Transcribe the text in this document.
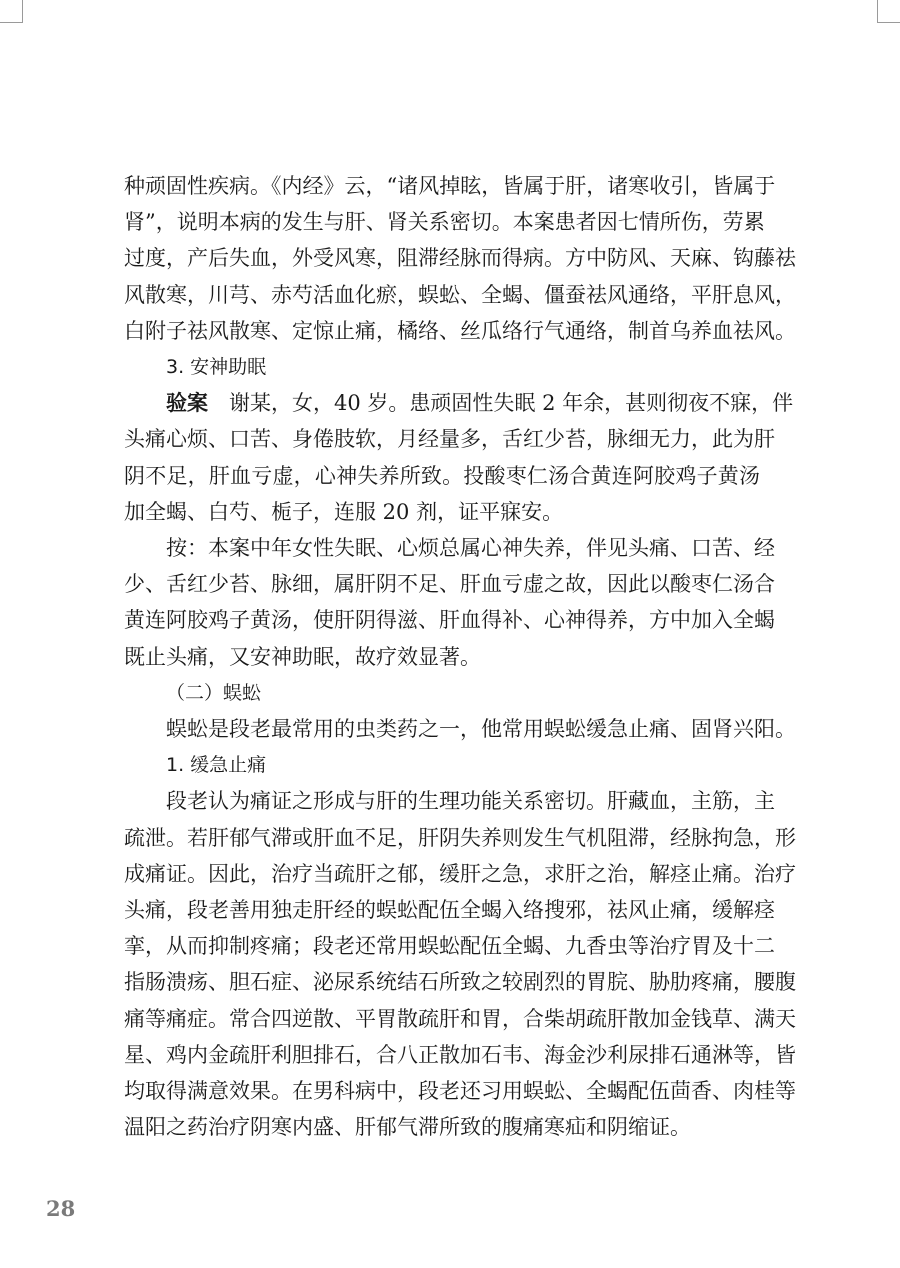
种顽固性疾病。《内经》云，“诸风掉眩，皆属于肝，诸寒收引，皆属于
肾”，说明本病的发生与肝、肾关系密切。本案患者因七情所伤，劳累
过度，产后失血，外受风寒，阻滞经脉而得病。方中防风、天麻、钩藤祛
风散寒，川芎、赤芍活血化瘀，蜈蚣、全蝎、僵蚕祛风通络，平肝息风，
白附子祛风散寒、定惊止痛，橘络、丝瓜络行气通络，制首乌养血祛风。
3. 安神助眠
验案　谢某，女，40 岁。患顽固性失眠 2 年余，甚则彻夜不寐，伴
头痛心烦、口苦、身倦肢软，月经量多，舌红少苔，脉细无力，此为肝
阴不足，肝血亏虚，心神失养所致。投酸枣仁汤合黄连阿胶鸡子黄汤
加全蝎、白芍、栀子，连服 20 剂，证平寐安。
按：本案中年女性失眠、心烦总属心神失养，伴见头痛、口苦、经
少、舌红少苔、脉细，属肝阴不足、肝血亏虚之故，因此以酸枣仁汤合
黄连阿胶鸡子黄汤，使肝阴得滋、肝血得补、心神得养，方中加入全蝎
既止头痛，又安神助眠，故疗效显著。
（二）蜈蚣
蜈蚣是段老最常用的虫类药之一，他常用蜈蚣缓急止痛、固肾兴阳。
1. 缓急止痛
段老认为痛证之形成与肝的生理功能关系密切。肝藏血，主筋，主
疏泄。若肝郁气滞或肝血不足，肝阴失养则发生气机阻滞，经脉拘急，形
成痛证。因此，治疗当疏肝之郁，缓肝之急，求肝之治，解痉止痛。治疗
头痛，段老善用独走肝经的蜈蚣配伍全蝎入络搜邪，祛风止痛，缓解痉
挛，从而抑制疼痛；段老还常用蜈蚣配伍全蝎、九香虫等治疗胃及十二
指肠溃疡、胆石症、泌尿系统结石所致之较剧烈的胃脘、胁肋疼痛，腰腹
痛等痛症。常合四逆散、平胃散疏肝和胃，合柴胡疏肝散加金钱草、满天
星、鸡内金疏肝利胆排石，合八正散加石韦、海金沙利尿排石通淋等，皆
均取得满意效果。在男科病中，段老还习用蜈蚣、全蝎配伍茴香、肉桂等
温阳之药治疗阴寒内盛、肝郁气滞所致的腹痛寒疝和阴缩证。
28
